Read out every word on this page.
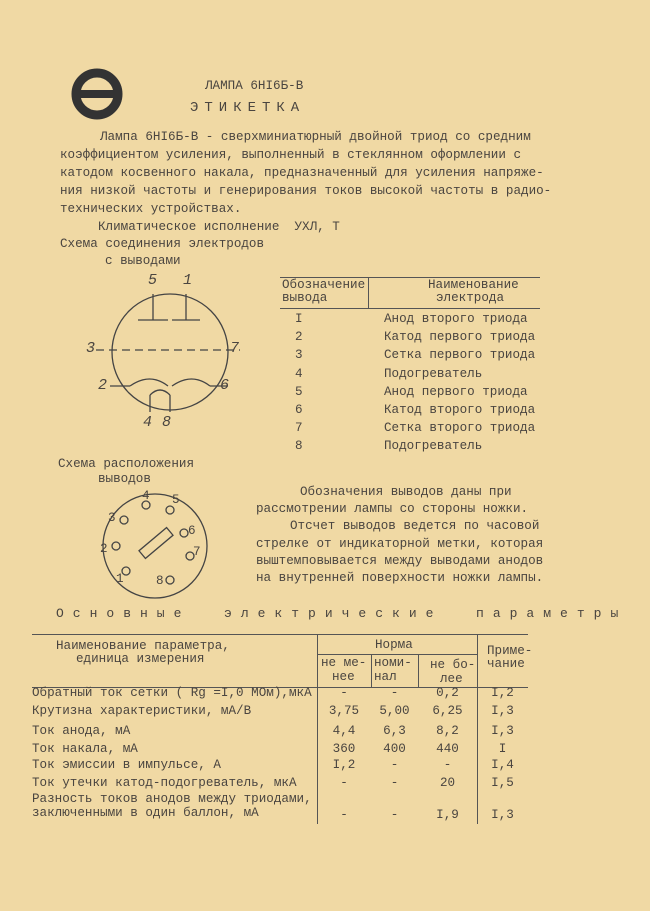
ЛАМПА 6НI6Б-В
ЭТИКЕТКА
Лампа 6НI6Б-В - сверхминиатюрный двойной триод со средним
коэффициентом усиления, выполненный в стеклянном оформлении с
катодом косвенного накала, предназначенный для усиления напряже-
ния низкой частоты и генерирования токов высокой частоты в радио-
технических устройствах.
Климатическое исполнение  УХЛ, Т
Схема соединения электродов
с выводами
5 1
3	7
2	6
4 8
Обозначение
вывода
Наименование
электрода
I	Анод второго триода
2	Катод первого триода
3	Сетка первого триода
4	Подогреватель
5	Анод первого триода
6	Катод второго триода
7	Сетка второго триода
8	Подогреватель
Схема расположения
выводов
4 5
3
6
2	7
1	8
Обозначения выводов даны при
рассмотрении лампы со стороны ножки.
Отсчет выводов ведется по часовой
стрелке от индикаторной метки, которая
выштемповывается между выводами анодов
на внутренней поверхности ножки лампы.
Основные  электрические  параметры
Наименование параметра,
единица измерения
Норма
не ме-
нее
номи-
нал
не бо-
лее
Приме-
чание
Обратный ток сетки ( Rg =I,0 МОм),мкА	-	-	0,2	I,2
Крутизна характеристики, мА/В	3,75	5,00	6,25	I,3
Ток анода, мА	4,4	6,3	8,2	I,3
Ток накала, мА	360	400	440	I
Ток эмиссии в импульсе, А	I,2	-	-	I,4
Ток утечки катод-подогреватель, мкА	-	-	20	I,5
Разность токов анодов между триодами,
заключенными в один баллон, мА	-	-	I,9	I,3
